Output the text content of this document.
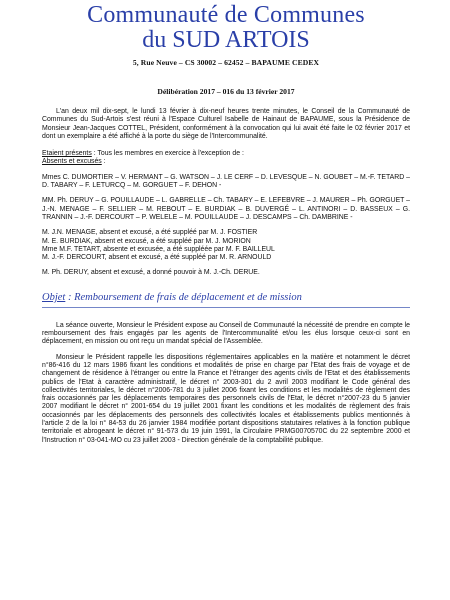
Communauté de Communes
du SUD ARTOIS
5, Rue Neuve – CS 30002 – 62452 – BAPAUME CEDEX
Délibération 2017 – 016 du 13 février 2017

L'an deux mil dix-sept, le lundi 13 février à dix-neuf heures trente minutes, le Conseil de la Communauté de Communes du Sud-Artois s'est réuni à l'Espace Culturel Isabelle de Hainaut de BAPAUME, sous la Présidence de Monsieur Jean-Jacques COTTEL, Président, conformément à la convocation qui lui avait été faite le 02 février 2017 et dont un exemplaire a été affiché à la porte du siège de l'Intercommunalité.

Etaient présents : Tous les membres en exercice à l'exception de :
Absents et excusés :

Mmes C. DUMORTIER – V. HERMANT – G. WATSON – J. LE CERF – D. LEVESQUE – N. GOUBET – M.-F. TETARD – D. TABARY – F. LETURCQ – M. GORGUET – F. DEHON -

MM. Ph. DERUY – G. POUILLAUDE – L. GABRELLE – Ch. TABARY – E. LEFEBVRE – J. MAURER – Ph. GORGUET – J.-N. MENAGE – F. SELLIER – M. REBOUT – E. BURDIAK – B. DUVERGÉ – L. ANTINORI – D. BASSEUX – G. TRANNIN – J.-F. DERCOURT – P. WELELE – M. POUILLAUDE – J. DESCAMPS – Ch. DAMBRINE -

M. J.N. MENAGE, absent et excusé, a été suppléé par M. J. FOSTIER

M. E. BURDIAK, absent et excusé, a été suppléé par M. J. MORION

Mme M.F. TETART, absente et excusée, a été suppléée par M. F. BAILLEUL

M. J.-F. DERCOURT, absent et excusé, a été suppléé par M. R. ARNOULD

M. Ph. DERUY, absent et excusé, a donné pouvoir à M. J.-Ch. DERUE.

Objet : Remboursement de frais de déplacement et de mission

La séance ouverte, Monsieur le Président expose au Conseil de Communauté la nécessité de prendre en compte le remboursement des frais engagés par les agents de l'Intercommunalité et/ou les élus lorsque ceux-ci sont en déplacement, en mission ou ont reçu un mandat spécial de l'Assemblée.

Monsieur le Président rappelle les dispositions réglementaires applicables en la matière et notamment le décret n°86-416 du 12 mars 1986 fixant les conditions et modalités de prise en charge par l'Etat des frais de voyage et de changement de résidence à l'étranger ou entre la France et l'étranger des agents civils de l'Etat et des établissements publics de l'Etat à caractère administratif, le décret n° 2003-301 du 2 avril 2003 modifiant le Code général des collectivités territoriales, le décret n°2006-781 du 3 juillet 2006 fixant les conditions et les modalités de règlement des frais occasionnés par les déplacements temporaires des personnels civils de l'Etat, le décret n°2007-23 du 5 janvier 2007 modifiant le décret n° 2001-654 du 19 juillet 2001 fixant les conditions et les modalités de règlement des frais occasionnés par les déplacements des personnels des collectivités locales et établissements publics mentionnés à l'article 2 de la loi n° 84-53 du 26 janvier 1984 modifiée portant dispositions statutaires relatives à la fonction publique territoriale et abrogeant le décret n° 91-573 du 19 juin 1991, la Circulaire PRMG0070570C du 22 septembre 2000 et l'Instruction n° 03-041-MO cu 23 juillet 2003 - Direction générale de la comptabilité publique.
